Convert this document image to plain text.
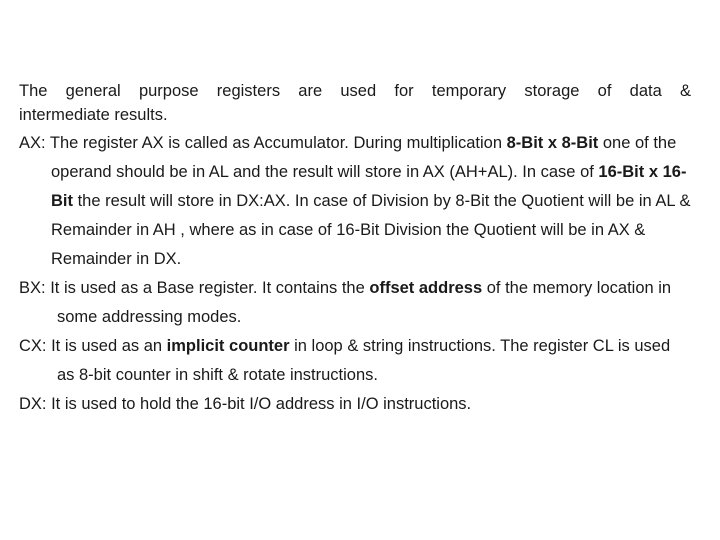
The general purpose registers are used for temporary storage of data &
intermediate results.

AX: The register AX is called as Accumulator. During multiplication 8-Bit x 8-Bit one of the operand should be in AL and the result will store in AX (AH+AL). In case of 16-Bit x 16-Bit the result will store in DX:AX. In case of Division by 8-Bit the Quotient will be in AL & Remainder in AH , where as in case of 16-Bit Division the Quotient will be in AX & Remainder in DX.

BX: It is used as a Base register. It contains the offset address of the memory location in some addressing modes.

CX: It is used as an implicit counter in loop & string instructions. The register CL is used as 8-bit counter in shift & rotate instructions.

DX: It is used to hold the 16-bit I/O address in I/O instructions.
